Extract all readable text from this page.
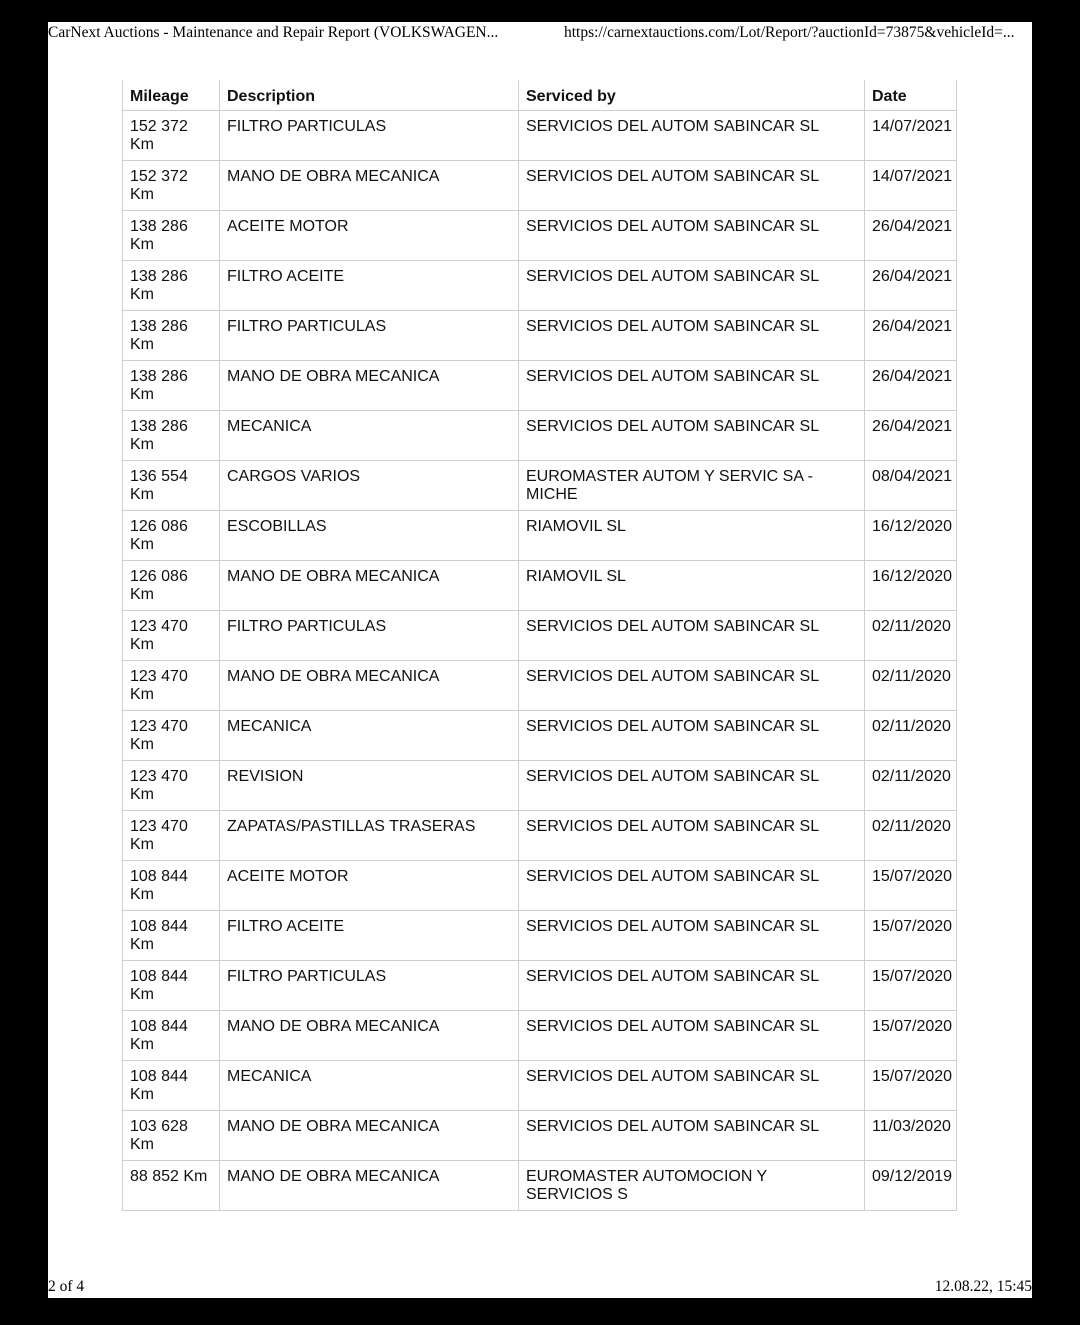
CarNext Auctions - Maintenance and Repair Report (VOLKSWAGEN...	https://carnextauctions.com/Lot/Report/?auctionId=73875&vehicleId=...
Mileage	Description	Serviced by	Date
152 372 Km	FILTRO PARTICULAS	SERVICIOS DEL AUTOM SABINCAR SL	14/07/2021
152 372 Km	MANO DE OBRA MECANICA	SERVICIOS DEL AUTOM SABINCAR SL	14/07/2021
138 286 Km	ACEITE MOTOR	SERVICIOS DEL AUTOM SABINCAR SL	26/04/2021
138 286 Km	FILTRO ACEITE	SERVICIOS DEL AUTOM SABINCAR SL	26/04/2021
138 286 Km	FILTRO PARTICULAS	SERVICIOS DEL AUTOM SABINCAR SL	26/04/2021
138 286 Km	MANO DE OBRA MECANICA	SERVICIOS DEL AUTOM SABINCAR SL	26/04/2021
138 286 Km	MECANICA	SERVICIOS DEL AUTOM SABINCAR SL	26/04/2021
136 554 Km	CARGOS VARIOS	EUROMASTER AUTOM Y SERVIC SA -MICHE	08/04/2021
126 086 Km	ESCOBILLAS	RIAMOVIL SL	16/12/2020
126 086 Km	MANO DE OBRA MECANICA	RIAMOVIL SL	16/12/2020
123 470 Km	FILTRO PARTICULAS	SERVICIOS DEL AUTOM SABINCAR SL	02/11/2020
123 470 Km	MANO DE OBRA MECANICA	SERVICIOS DEL AUTOM SABINCAR SL	02/11/2020
123 470 Km	MECANICA	SERVICIOS DEL AUTOM SABINCAR SL	02/11/2020
123 470 Km	REVISION	SERVICIOS DEL AUTOM SABINCAR SL	02/11/2020
123 470 Km	ZAPATAS/PASTILLAS TRASERAS	SERVICIOS DEL AUTOM SABINCAR SL	02/11/2020
108 844 Km	ACEITE MOTOR	SERVICIOS DEL AUTOM SABINCAR SL	15/07/2020
108 844 Km	FILTRO ACEITE	SERVICIOS DEL AUTOM SABINCAR SL	15/07/2020
108 844 Km	FILTRO PARTICULAS	SERVICIOS DEL AUTOM SABINCAR SL	15/07/2020
108 844 Km	MANO DE OBRA MECANICA	SERVICIOS DEL AUTOM SABINCAR SL	15/07/2020
108 844 Km	MECANICA	SERVICIOS DEL AUTOM SABINCAR SL	15/07/2020
103 628 Km	MANO DE OBRA MECANICA	SERVICIOS DEL AUTOM SABINCAR SL	11/03/2020
88 852 Km	MANO DE OBRA MECANICA	EUROMASTER AUTOMOCION Y SERVICIOS S	09/12/2019
2 of 4	12.08.22, 15:45
